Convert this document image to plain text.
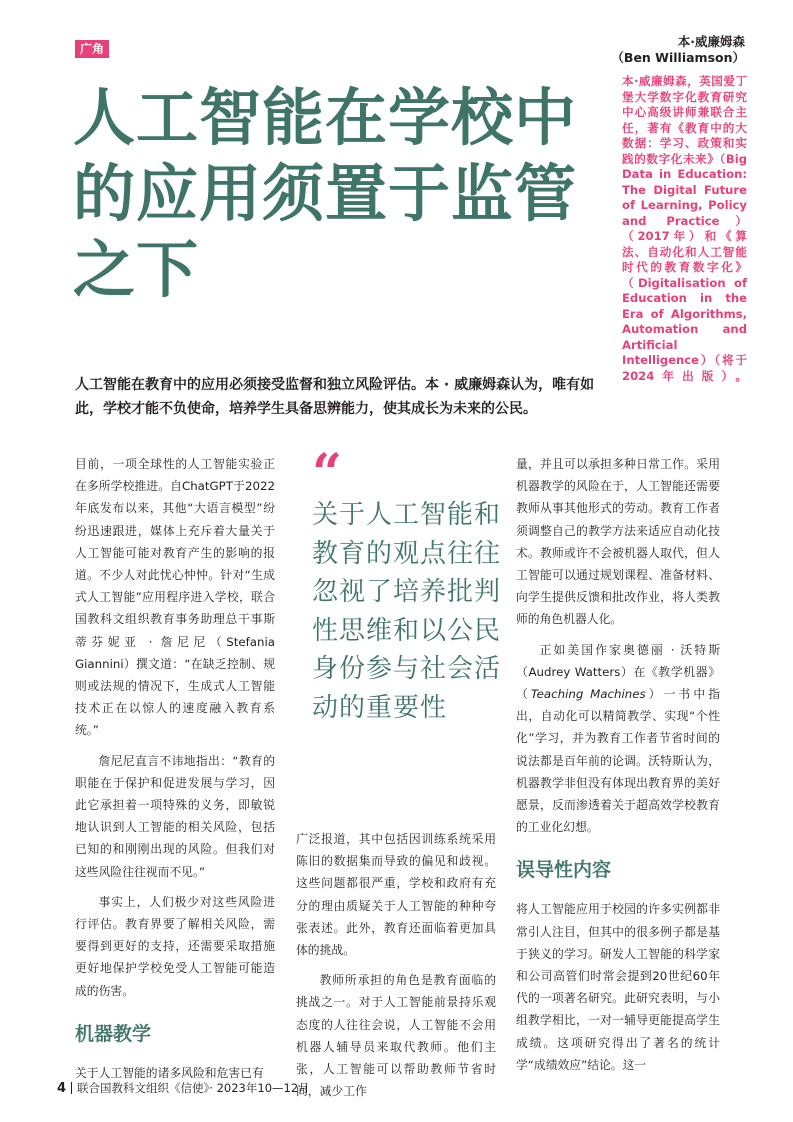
广角
人工智能在学校中的应用须置于监管之下
本·威廉姆森
（Ben Williamson）

本·威廉姆森，英国爱丁堡大学数字化教育研究中心高级讲师兼联合主任，著有《教育中的大数据：学习、政策和实践的数字化未来》（Big Data in Education: The Digital Future of Learning, Policy and Practice）（2017年）和《算法、自动化和人工智能时代的教育数字化》（Digitalisation of Education in the Era of Algorithms, Automation and Artificial Intelligence）（将于2024年出版）。

人工智能在教育中的应用必须接受监督和独立风险评估。本 · 威廉姆森认为，唯有如此，学校才能不负使命，培养学生具备思辨能力，使其成长为未来的公民。

目前，一项全球性的人工智能实验正在多所学校推进。自ChatGPT于2022年底发布以来，其他“大语言模型”纷纷迅速跟进，媒体上充斥着大量关于人工智能可能对教育产生的影响的报道。不少人对此忧心忡忡。针对“生成式人工智能”应用程序进入学校，联合国教科文组织教育事务助理总干事斯蒂芬妮亚 · 詹尼尼（Stefania Giannini）撰文道：“在缺乏控制、规则或法规的情况下，生成式人工智能技术正在以惊人的速度融入教育系统。”

詹尼尼直言不讳地指出：“教育的职能在于保护和促进发展与学习，因此它承担着一项特殊的义务，即敏锐地认识到人工智能的相关风险，包括已知的和刚刚出现的风险。但我们对这些风险往往视而不见。”

事实上，人们极少对这些风险进行评估。教育界要了解相关风险，需要得到更好的支持，还需要采取措施更好地保护学校免受人工智能可能造成的伤害。

机器教学

关于人工智能的诸多风险和危害已有

“

关于人工智能和教育的观点往往忽视了培养批判性思维和以公民身份参与社会活动的重要性

广泛报道，其中包括因训练系统采用陈旧的数据集而导致的偏见和歧视。这些问题都很严重，学校和政府有充分的理由质疑关于人工智能的种种夸张表述。此外，教育还面临着更加具体的挑战。

教师所承担的角色是教育面临的挑战之一。对于人工智能前景持乐观态度的人往往会说，人工智能不会用机器人辅导员来取代教师。他们主张，人工智能可以帮助教师节省时间，减少工作

量，并且可以承担多种日常工作。采用机器教学的风险在于，人工智能还需要教师从事其他形式的劳动。教育工作者须调整自己的教学方法来适应自动化技术。教师或许不会被机器人取代，但人工智能可以通过规划课程、准备材料、向学生提供反馈和批改作业，将人类教师的角色机器人化。

正如美国作家奥德丽 · 沃特斯（Audrey Watters）在《教学机器》（Teaching Machines）一书中指出，自动化可以精简教学、实现“个性化”学习，并为教育工作者节省时间的说法都是百年前的论调。沃特斯认为，机器教学非但没有体现出教育界的美好愿景，反而渗透着关于超高效学校教育的工业化幻想。

误导性内容

将人工智能应用于校园的许多实例都非常引人注目，但其中的很多例子都是基于狭义的学习。研发人工智能的科学家和公司高管们时常会提到20世纪60年代的一项著名研究。此研究表明，与小组教学相比，一对一辅导更能提高学生成绩。这项研究得出了著名的统计学“成绩效应”结论。这一

4 联合国教科文组织《信使》· 2023年10—12月
